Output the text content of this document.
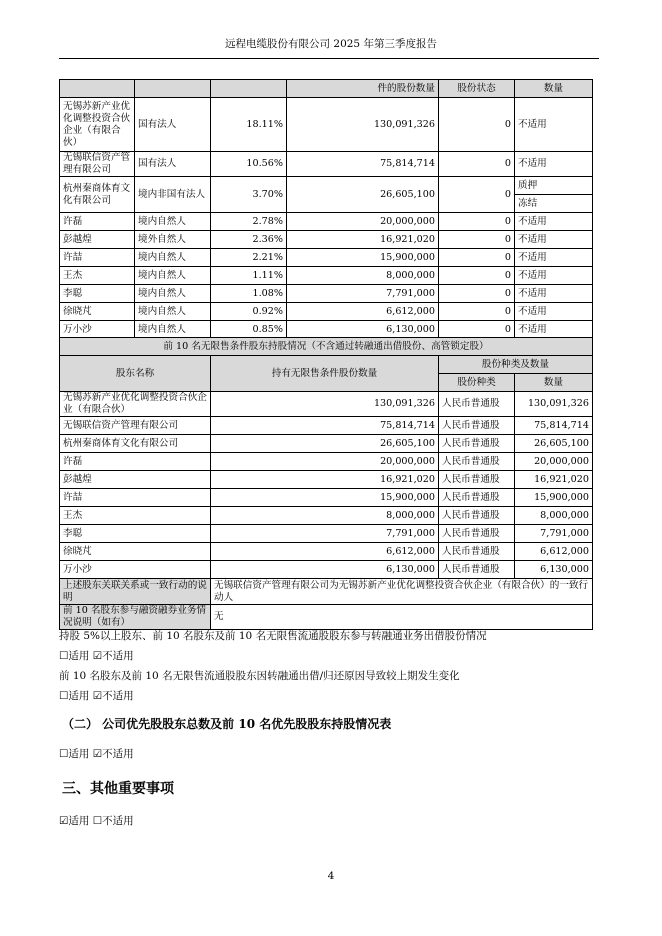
远程电缆股份有限公司 2025 年第三季度报告
			件的股份数量	股份状态	数量	
无锡苏新产业优化调整投资合伙企业（有限合伙）	国有法人	18.11%	130,091,326	0	不适用	
无锡联信资产管理有限公司	国有法人	10.56%	75,814,714	0	不适用	
杭州秦商体育文化有限公司	境内非国有法人	3.70%	26,605,100	0	质押	
					冻结	
许磊	境内自然人	2.78%	20,000,000	0	不适用	
彭越煌	境外自然人	2.36%	16,921,020	0	不适用	
许喆	境内自然人	2.21%	15,900,000	0	不适用	
王杰	境内自然人	1.11%	8,000,000	0	不适用	
李聪	境内自然人	1.08%	7,791,000	0	不适用	
徐晓芃	境内自然人	0.92%	6,612,000	0	不适用	
万小沙	境内自然人	0.85%	6,130,000	0	不适用	
前 10 名无限售条件股东持股情况（不含通过转融通出借股份、高管锁定股）			
股东名称	持有无限售条件股份数量	股份种类及数量	
		股份种类	数量
无锡苏新产业优化调整投资合伙企业（有限合伙）	130,091,326	人民币普通股	130,091,326
无锡联信资产管理有限公司	75,814,714	人民币普通股	75,814,714
杭州秦商体育文化有限公司	26,605,100	人民币普通股	26,605,100
许磊	20,000,000	人民币普通股	20,000,000
彭越煌	16,921,020	人民币普通股	16,921,020
许喆	15,900,000	人民币普通股	15,900,000
王杰	8,000,000	人民币普通股	8,000,000
李聪	7,791,000	人民币普通股	7,791,000
徐晓芃	6,612,000	人民币普通股	6,612,000
万小沙	6,130,000	人民币普通股	6,130,000
上述股东关联关系或一致行动的说明	无锡联信资产管理有限公司为无锡苏新产业优化调整投资合伙企业（有限合伙）的一致行动人		
前 10 名股东参与融资融券业务情况说明（如有）	无		
持股 5%以上股东、前 10 名股东及前 10 名无限售流通股股东参与转融通业务出借股份情况
☐适用 ☑不适用
前 10 名股东及前 10 名无限售流通股股东因转融通出借/归还原因导致较上期发生变化
☐适用 ☑不适用
（二） 公司优先股股东总数及前 10 名优先股股东持股情况表
☐适用 ☑不适用
三、其他重要事项
☑适用 ☐不适用
4
